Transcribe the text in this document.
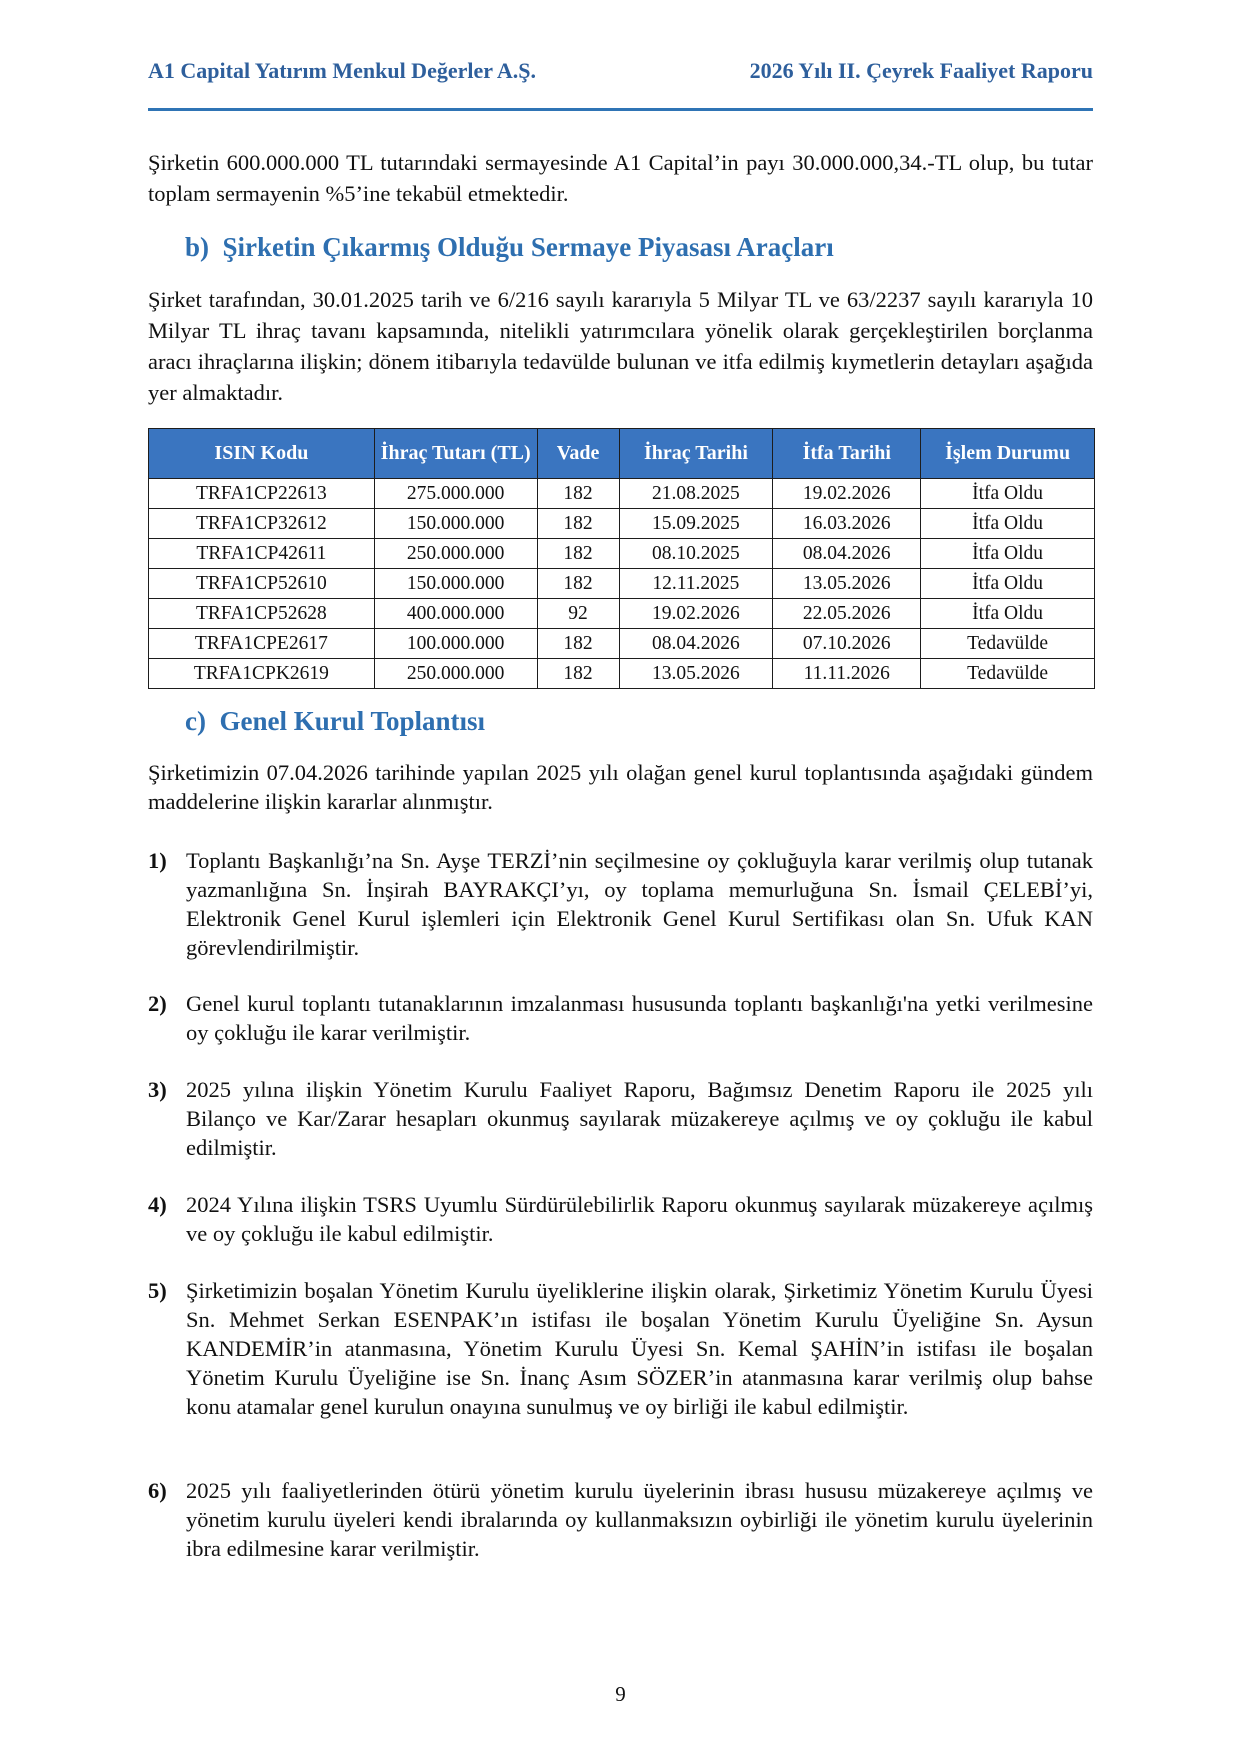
A1 Capital Yatırım Menkul Değerler A.Ş.	2026 Yılı II. Çeyrek Faaliyet Raporu
Şirketin 600.000.000 TL tutarındaki sermayesinde A1 Capital’in payı 30.000.000,34.-TL olup, bu tutar toplam sermayenin %5’ine tekabül etmektedir.
b)  Şirketin Çıkarmış Olduğu Sermaye Piyasası Araçları
Şirket tarafından, 30.01.2025 tarih ve 6/216 sayılı kararıyla 5 Milyar TL ve 63/2237 sayılı kararıyla 10 Milyar TL ihraç tavanı kapsamında, nitelikli yatırımcılara yönelik olarak gerçekleştirilen borçlanma aracı ihraçlarına ilişkin; dönem itibarıyla tedavülde bulunan ve itfa edilmiş kıymetlerin detayları aşağıda yer almaktadır.
ISIN Kodu	İhraç Tutarı (TL)	Vade	İhraç Tarihi	İtfa Tarihi	İşlem Durumu
TRFA1CP22613	275.000.000	182	21.08.2025	19.02.2026	İtfa Oldu
TRFA1CP32612	150.000.000	182	15.09.2025	16.03.2026	İtfa Oldu
TRFA1CP42611	250.000.000	182	08.10.2025	08.04.2026	İtfa Oldu
TRFA1CP52610	150.000.000	182	12.11.2025	13.05.2026	İtfa Oldu
TRFA1CP52628	400.000.000	92	19.02.2026	22.05.2026	İtfa Oldu
TRFA1CPE2617	100.000.000	182	08.04.2026	07.10.2026	Tedavülde
TRFA1CPK2619	250.000.000	182	13.05.2026	11.11.2026	Tedavülde
c)  Genel Kurul Toplantısı
Şirketimizin 07.04.2026 tarihinde yapılan 2025 yılı olağan genel kurul toplantısında aşağıdaki gündem maddelerine ilişkin kararlar alınmıştır.
1) Toplantı Başkanlığı’na Sn. Ayşe TERZİ’nin seçilmesine oy çokluğuyla karar verilmiş olup tutanak yazmanlığına Sn. İnşirah BAYRAKÇI’yı, oy toplama memurluğuna Sn. İsmail ÇELEBİ’yi, Elektronik Genel Kurul işlemleri için Elektronik Genel Kurul Sertifikası olan Sn. Ufuk KAN görevlendirilmiştir.
2) Genel kurul toplantı tutanaklarının imzalanması hususunda toplantı başkanlığı'na yetki verilmesine oy çokluğu ile karar verilmiştir.
3) 2025 yılına ilişkin Yönetim Kurulu Faaliyet Raporu, Bağımsız Denetim Raporu ile 2025 yılı Bilanço ve Kar/Zarar hesapları okunmuş sayılarak müzakereye açılmış ve oy çokluğu ile kabul edilmiştir.
4) 2024 Yılına ilişkin TSRS Uyumlu Sürdürülebilirlik Raporu okunmuş sayılarak müzakereye açılmış ve oy çokluğu ile kabul edilmiştir.
5) Şirketimizin boşalan Yönetim Kurulu üyeliklerine ilişkin olarak, Şirketimiz Yönetim Kurulu Üyesi Sn. Mehmet Serkan ESENPAK’ın istifası ile boşalan Yönetim Kurulu Üyeliğine Sn. Aysun KANDEMİR’in atanmasına, Yönetim Kurulu Üyesi Sn. Kemal ŞAHİN’in istifası ile boşalan Yönetim Kurulu Üyeliğine ise Sn. İnanç Asım SÖZER’in atanmasına karar verilmiş olup bahse konu atamalar genel kurulun onayına sunulmuş ve oy birliği ile kabul edilmiştir.
6) 2025 yılı faaliyetlerinden ötürü yönetim kurulu üyelerinin ibrası hususu müzakereye açılmış ve yönetim kurulu üyeleri kendi ibralarında oy kullanmaksızın oybirliği ile yönetim kurulu üyelerinin ibra edilmesine karar verilmiştir.
9
